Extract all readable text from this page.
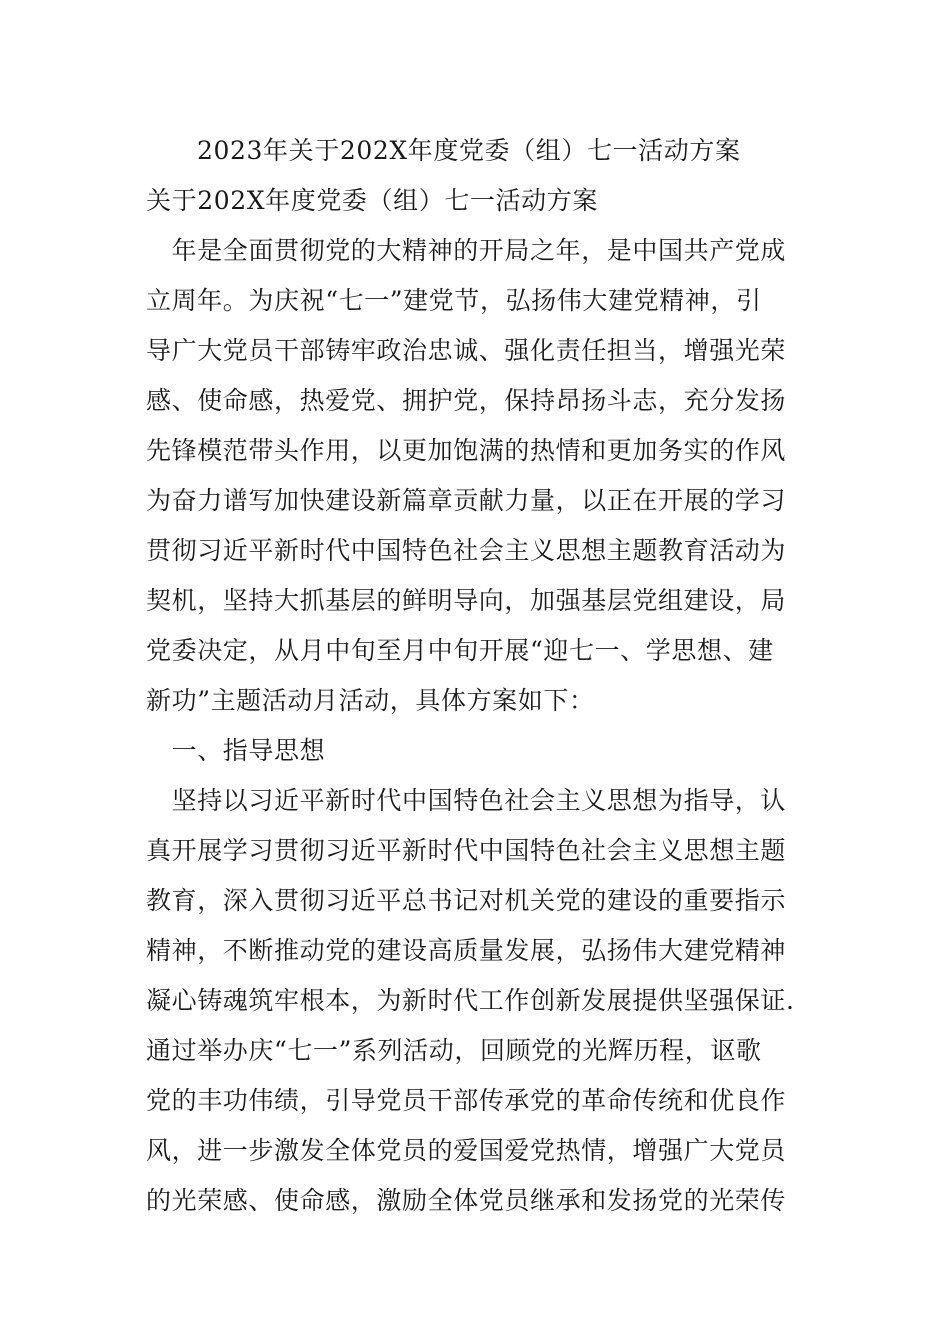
2023年关于202X年度党委（组）七一活动方案
关于202X年度党委（组）七一活动方案
　年是全面贯彻党的大精神的开局之年，是中国共产党成
立周年。为庆祝“七一”建党节，弘扬伟大建党精神，引
导广大党员干部铸牢政治忠诚、强化责任担当，增强光荣
感、使命感，热爱党、拥护党，保持昂扬斗志，充分发扬
先锋模范带头作用，以更加饱满的热情和更加务实的作风
为奋力谱写加快建设新篇章贡献力量，以正在开展的学习
贯彻习近平新时代中国特色社会主义思想主题教育活动为
契机，坚持大抓基层的鲜明导向，加强基层党组建设，局
党委决定，从月中旬至月中旬开展“迎七一、学思想、建
新功”主题活动月活动，具体方案如下：
　一、指导思想
　坚持以习近平新时代中国特色社会主义思想为指导，认
真开展学习贯彻习近平新时代中国特色社会主义思想主题
教育，深入贯彻习近平总书记对机关党的建设的重要指示
精神，不断推动党的建设高质量发展，弘扬伟大建党精神
凝心铸魂筑牢根本，为新时代工作创新发展提供坚强保证.
通过举办庆“七一”系列活动，回顾党的光辉历程，讴歌
党的丰功伟绩，引导党员干部传承党的革命传统和优良作
风，进一步激发全体党员的爱国爱党热情，增强广大党员
的光荣感、使命感，激励全体党员继承和发扬党的光荣传
